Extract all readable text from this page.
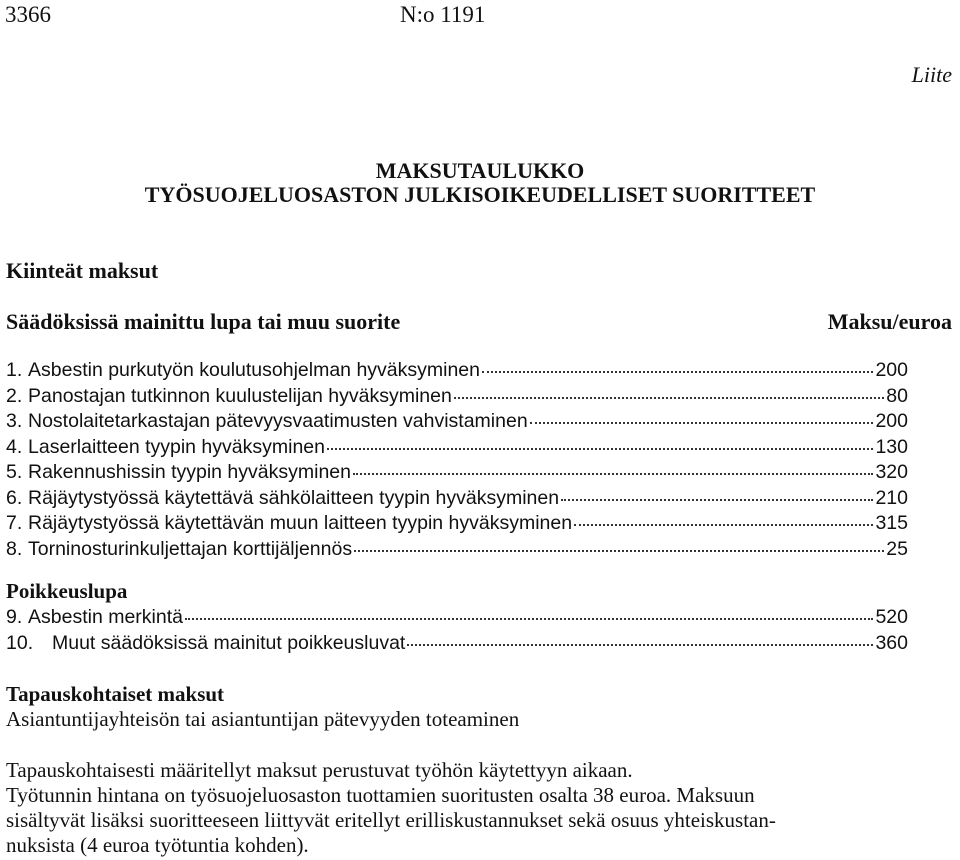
3366	N:o 1191
Liite
MAKSUTAULUKKO
TYÖSUOJELUOSASTON JULKISOIKEUDELLISET SUORITTEET
Kiinteät maksut
Säädöksissä mainittu lupa tai muu suorite	Maksu/euroa
1. Asbestin purkutyön koulutusohjelman hyväksyminen	200
2. Panostajan tutkinnon kuulustelijan hyväksyminen	80
3. Nostolaitetarkastajan pätevyysvaatimusten vahvistaminen	200
4. Laserlaitteen tyypin hyväksyminen	130
5. Rakennushissin tyypin hyväksyminen	320
6. Räjäytystyössä käytettävä sähkölaitteen tyypin hyväksyminen	210
7. Räjäytystyössä käytettävän muun laitteen tyypin hyväksyminen	315
8. Torninosturinkuljettajan korttijäljennös	25
Poikkeuslupa
9. Asbestin merkintä	520
10. Muut säädöksissä mainitut poikkeusluvat	360
Tapauskohtaiset maksut
Asiantuntijayhteisön tai asiantuntijan pätevyyden toteaminen
Tapauskohtaisesti määritellyt maksut perustuvat työhön käytettyyn aikaan.
Työtunnin hintana on työsuojeluosaston tuottamien suoritusten osalta 38 euroa. Maksuun
sisältyvät lisäksi suoritteeseen liittyvät eritellyt erilliskustannukset sekä osuus yhteiskustan-
nuksista (4 euroa työtuntia kohden).
